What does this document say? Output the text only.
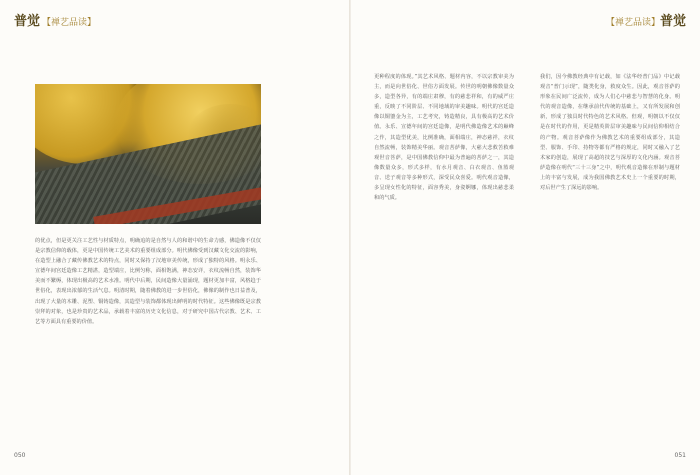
普觉 【禅艺品读】
的优点，但是更关注工艺性与材质特点，明确追的是自然与人的和谐中的生命力感，佛造像不仅仅是宗教信仰的载体，更是中国传统工艺美术的重要组成部分。明代佛像受到汉藏文化交流的影响，在造型上融合了藏传佛教艺术的特点，同时又保持了汉地审美传统，形成了独特的风格。明永乐、宣德年间宫廷造像工艺精湛，造型端庄，比例匀称，面相饱满，神态安详，衣纹流畅自然，装饰华美而不繁缛，体现出极高的艺术水准。明代中后期，民间造像大量涌现，题材更加丰富，风格趋于世俗化，表现出浓郁的生活气息。明清时期，随着佛教的进一步世俗化，佛像的制作也日益普及，出现了大量的木雕、泥塑、铜铸造像，其造型与装饰都体现出鲜明的时代特征。这些佛像既是宗教崇拜的对象，也是珍贵的艺术品，承载着丰富的历史文化信息，对于研究中国古代宗教、艺术、工艺等方面具有重要的价值。
050
【禅艺品读】普觉
051
更种程度的体现。”其艺术风格、题材内容，不以宗教审美为主，而是向世俗化、世俗方面发展。传世的明朝佛像数量众多，造型各异，有的端庄肃穆，有的慈悲祥和，有的威严庄重，反映了不同阶层、不同地域的审美趣味。明代的宫廷造像以铜鎏金为主，工艺考究，铸造精良，具有极高的艺术价值。永乐、宣德年间的宫廷造像，是明代佛造像艺术的巅峰之作，其造型优美，比例准确，面相端庄，神态慈祥，衣纹自然流畅，装饰精美华丽。观音菩萨像，大慈大悲救苦救难观世音菩萨，是中国佛教信仰中最为普遍的菩萨之一，其造像数量众多，形式多样，有水月观音、白衣观音、鱼篮观音、送子观音等多种形式，深受民众喜爱。明代观音造像，多呈现女性化的特征，面容秀美，身姿婀娜，体现出慈悲柔和的气质。
我们，因今佛教经典中有记载，如《法华经普门品》中记载观音“普门示现”，随类化身，救度众生。因此，观音菩萨的形象在民间广泛流传，成为人们心中慈悲与智慧的化身。明代的观音造像，在继承前代传统的基础上，又有所发展和创新，形成了独具时代特色的艺术风格。但观，明朝以不仅仅是在时代的作用，更是精英阶层审美趣味与民间信仰相结合的产物。观音菩萨像作为佛教艺术的重要组成部分，其造型、服饰、手印、持物等都有严格的规定，同时又融入了艺术家的创造，展现了高超的技艺与深厚的文化内涵。观音菩萨造像在明代“三十三身”之中，明代观音造像在形制与题材上的丰富与发展，成为我国佛教艺术史上一个重要的时期，对后世产生了深远的影响。
